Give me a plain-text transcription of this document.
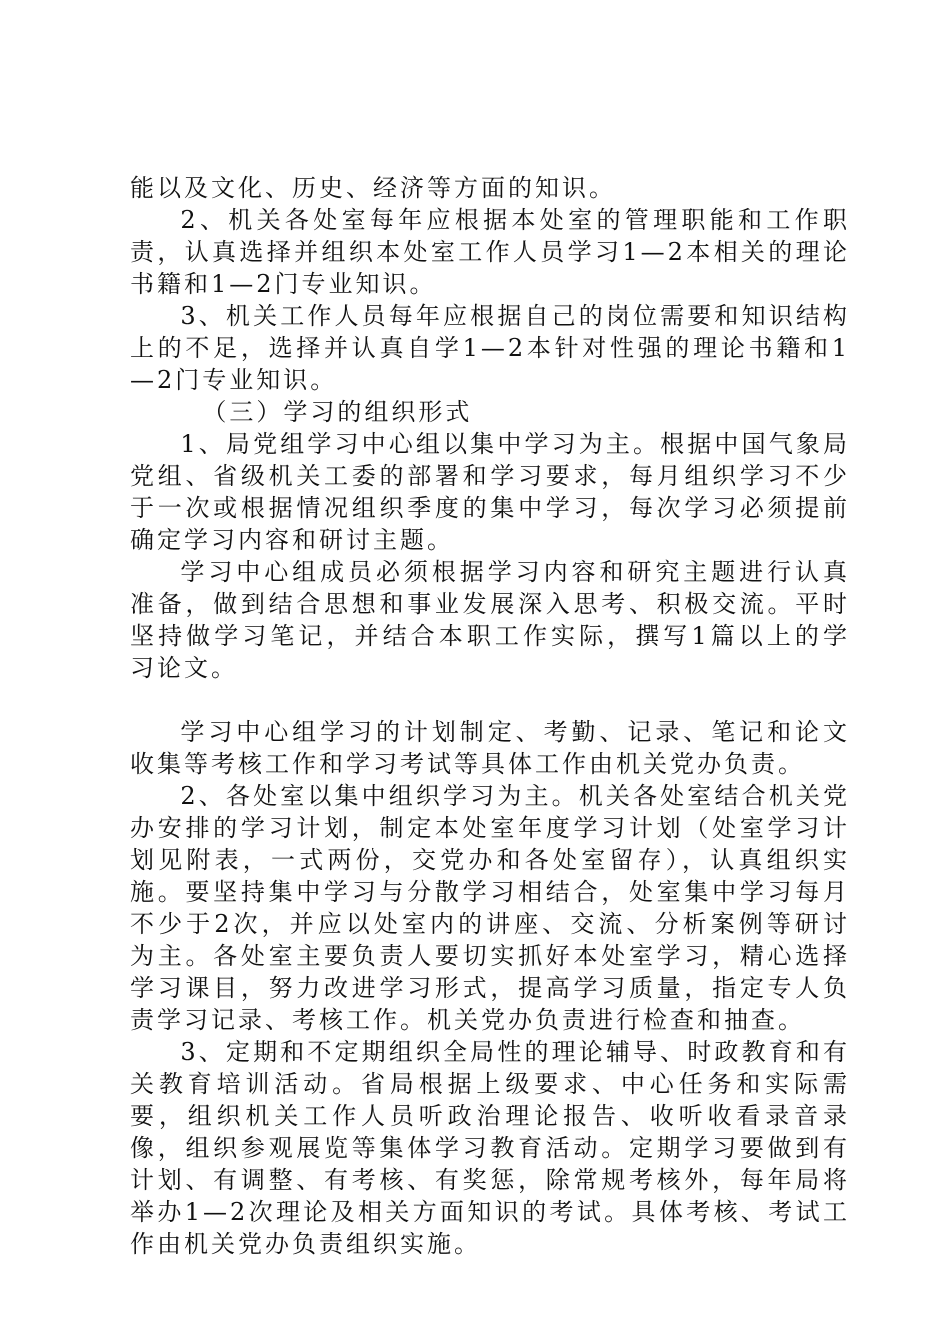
能以及文化、历史、经济等方面的知识。

2、机关各处室每年应根据本处室的管理职能和工作职责，认真选择并组织本处室工作人员学习1—2本相关的理论书籍和1—2门专业知识。

3、机关工作人员每年应根据自己的岗位需要和知识结构上的不足，选择并认真自学1—2本针对性强的理论书籍和1—2门专业知识。

（三）学习的组织形式

1、局党组学习中心组以集中学习为主。根据中国气象局党组、省级机关工委的部署和学习要求，每月组织学习不少于一次或根据情况组织季度的集中学习，每次学习必须提前确定学习内容和研讨主题。

学习中心组成员必须根据学习内容和研究主题进行认真准备，做到结合思想和事业发展深入思考、积极交流。平时坚持做学习笔记，并结合本职工作实际，撰写1篇以上的学习论文。

学习中心组学习的计划制定、考勤、记录、笔记和论文收集等考核工作和学习考试等具体工作由机关党办负责。

2、各处室以集中组织学习为主。机关各处室结合机关党办安排的学习计划，制定本处室年度学习计划（处室学习计划见附表，一式两份，交党办和各处室留存），认真组织实施。要坚持集中学习与分散学习相结合，处室集中学习每月不少于2次，并应以处室内的讲座、交流、分析案例等研讨为主。各处室主要负责人要切实抓好本处室学习，精心选择学习课目，努力改进学习形式，提高学习质量，指定专人负责学习记录、考核工作。机关党办负责进行检查和抽查。

3、定期和不定期组织全局性的理论辅导、时政教育和有关教育培训活动。省局根据上级要求、中心任务和实际需要，组织机关工作人员听政治理论报告、收听收看录音录像，组织参观展览等集体学习教育活动。定期学习要做到有计划、有调整、有考核、有奖惩，除常规考核外，每年局将举办1—2次理论及相关方面知识的考试。具体考核、考试工作由机关党办负责组织实施。
